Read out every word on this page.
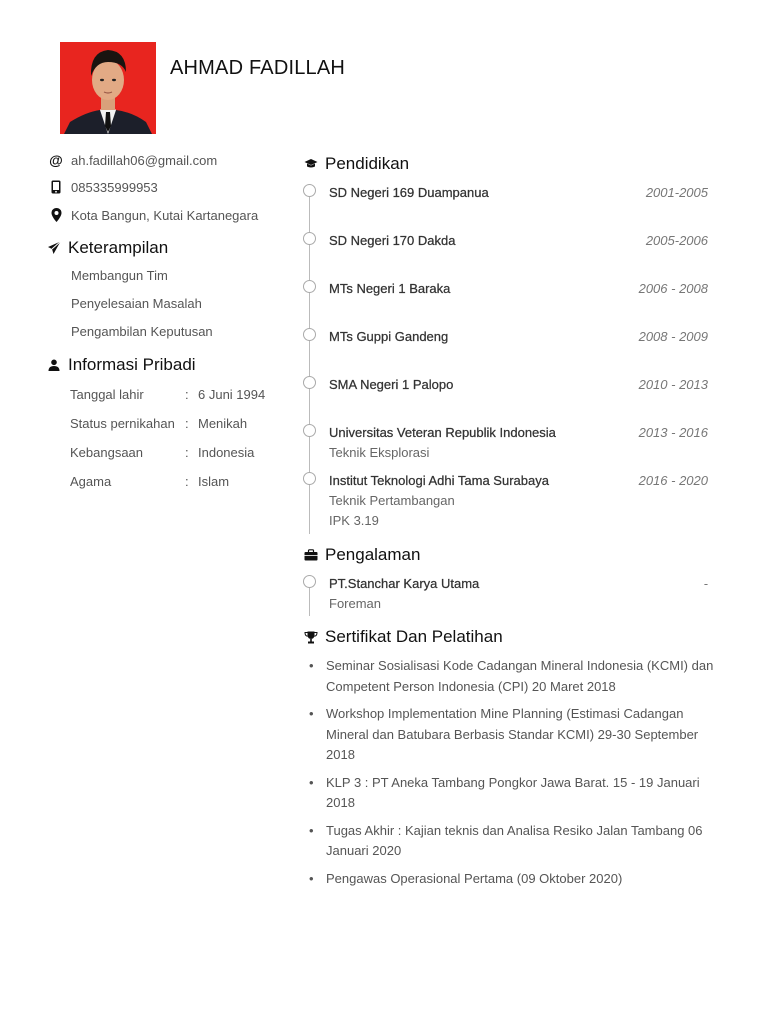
AHMAD FADILLAH
@ ah.fadillah06@gmail.com
085335999953
Kota Bangun, Kutai Kartanegara
Keterampilan
Membangun Tim
Penyelesaian Masalah
Pengambilan Keputusan
Informasi Pribadi
Tanggal lahir	: 6 Juni 1994
Status pernikahan : Menikah
Kebangsaan	: Indonesia
Agama	: Islam
Pendidikan
SD Negeri 169 Duampanua	2001-2005
SD Negeri 170 Dakda	2005-2006
MTs Negeri 1 Baraka	2006 - 2008
MTs Guppi Gandeng	2008 - 2009
SMA Negeri 1 Palopo	2010 - 2013
Universitas Veteran Republik Indonesia	2013 - 2016
Teknik Eksplorasi
Institut Teknologi Adhi Tama Surabaya	2016 - 2020
Teknik Pertambangan
IPK 3.19
Pengalaman
PT.Stanchar Karya Utama	-
Foreman
Sertifikat Dan Pelatihan
• Seminar Sosialisasi Kode Cadangan Mineral Indonesia (KCMI) dan Competent Person Indonesia (CPI) 20 Maret 2018
• Workshop Implementation Mine Planning (Estimasi Cadangan Mineral dan Batubara Berbasis Standar KCMI) 29-30 September 2018
• KLP 3 : PT Aneka Tambang Pongkor Jawa Barat. 15 - 19 Januari 2018
• Tugas Akhir : Kajian teknis dan Analisa Resiko Jalan Tambang 06 Januari 2020
• Pengawas Operasional Pertama (09 Oktober 2020)
